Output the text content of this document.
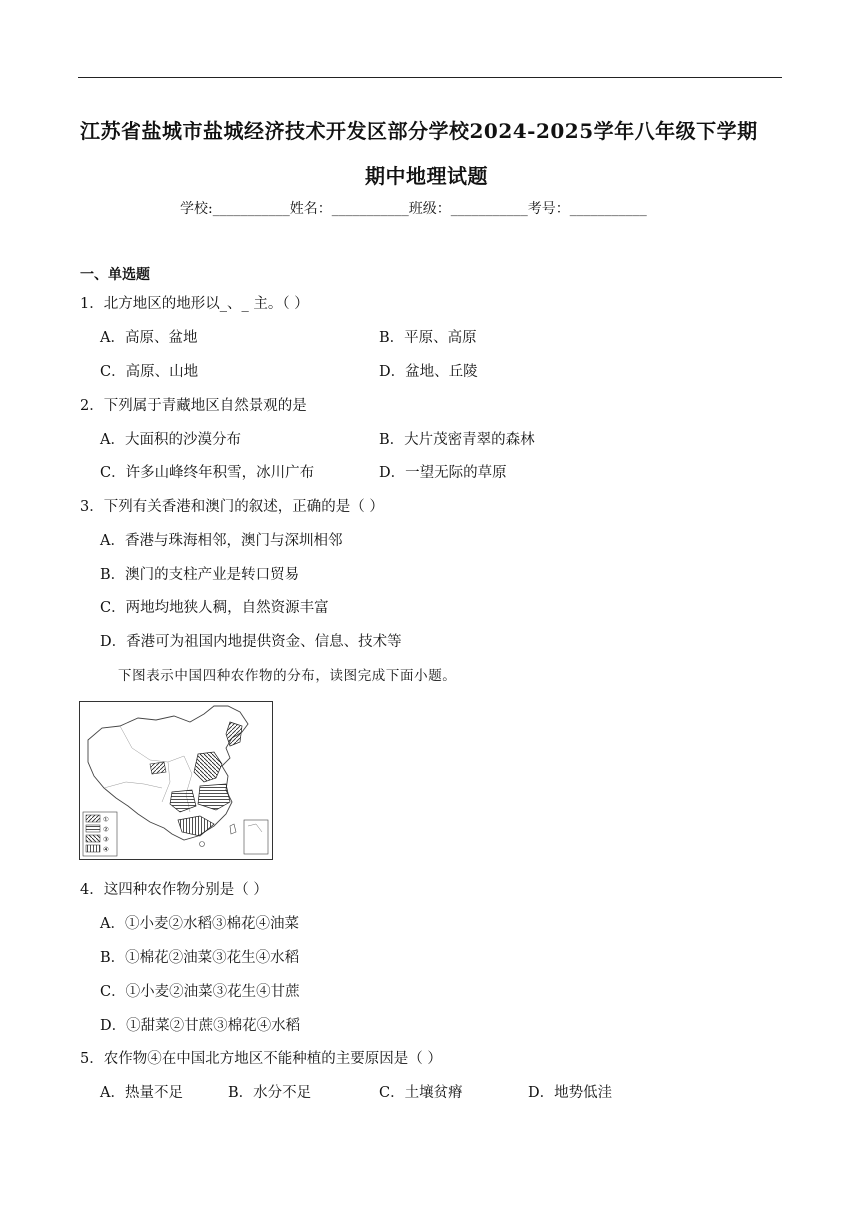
江苏省盐城市盐城经济技术开发区部分学校2024-2025学年八年级下学期
期中地理试题
学校:___________姓名：___________班级：___________考号：___________
一、单选题
1．北方地区的地形以_、_ 主。（ ）
A．高原、盆地	B．平原、高原
C．高原、山地	D．盆地、丘陵
2．下列属于青藏地区自然景观的是
A．大面积的沙漠分布	B．大片茂密青翠的森林
C．许多山峰终年积雪，冰川广布	D．一望无际的草原
3．下列有关香港和澳门的叙述，正确的是（ ）
A．香港与珠海相邻，澳门与深圳相邻
B．澳门的支柱产业是转口贸易
C．两地均地狭人稠，自然资源丰富
D．香港可为祖国内地提供资金、信息、技术等
下图表示中国四种农作物的分布，读图完成下面小题。
①
②
③
④
4．这四种农作物分别是（ ）
A．①小麦②水稻③棉花④油菜
B．①棉花②油菜③花生④水稻
C．①小麦②油菜③花生④甘蔗
D．①甜菜②甘蔗③棉花④水稻
5．农作物④在中国北方地区不能种植的主要原因是（ ）
A．热量不足	B．水分不足	C．土壤贫瘠	D．地势低洼
